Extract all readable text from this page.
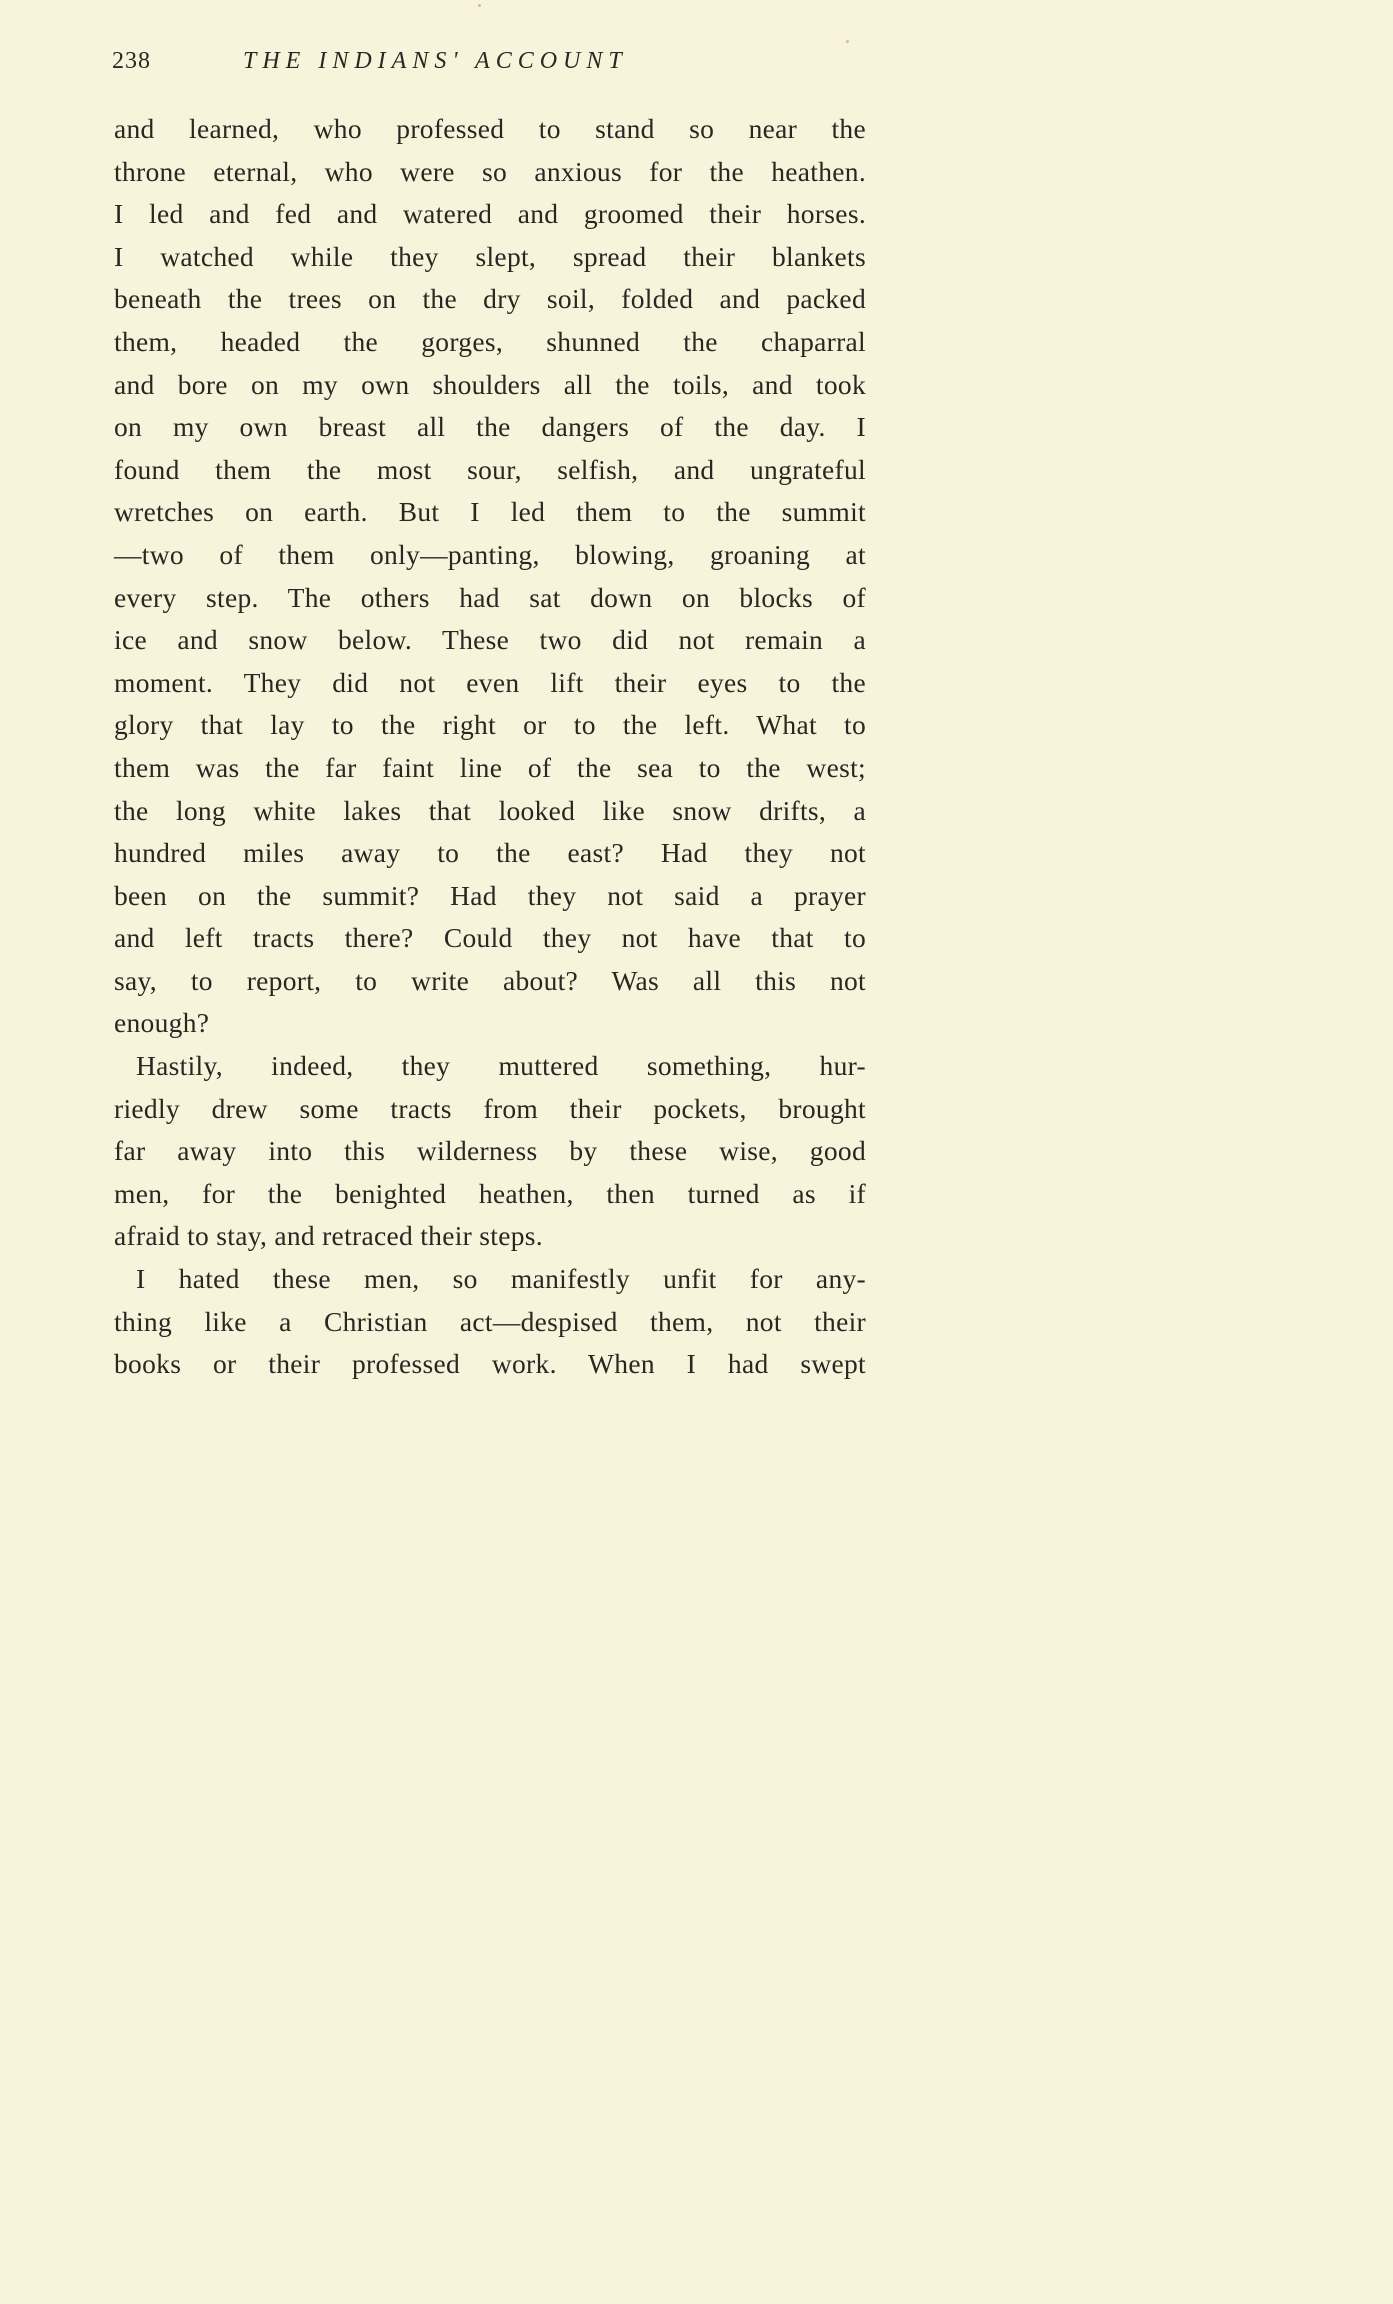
238	THE INDIANS' ACCOUNT
and learned, who professed to stand so near the
throne eternal, who were so anxious for the heathen.
I led and fed and watered and groomed their horses.
I watched while they slept, spread their blankets
beneath the trees on the dry soil, folded and packed
them, headed the gorges, shunned the chaparral
and bore on my own shoulders all the toils, and took
on my own breast all the dangers of the day. I
found them the most sour, selfish, and ungrateful
wretches on earth. But I led them to the summit
—two of them only—panting, blowing, groaning at
every step. The others had sat down on blocks of
ice and snow below. These two did not remain a
moment. They did not even lift their eyes to the
glory that lay to the right or to the left. What to
them was the far faint line of the sea to the west;
the long white lakes that looked like snow drifts, a
hundred miles away to the east? Had they not
been on the summit? Had they not said a prayer
and left tracts there? Could they not have that to
say, to report, to write about? Was all this not
enough?
Hastily, indeed, they muttered something, hur-
riedly drew some tracts from their pockets, brought
far away into this wilderness by these wise, good
men, for the benighted heathen, then turned as if
afraid to stay, and retraced their steps.
I hated these men, so manifestly unfit for any-
thing like a Christian act—despised them, not their
books or their professed work. When I had swept
